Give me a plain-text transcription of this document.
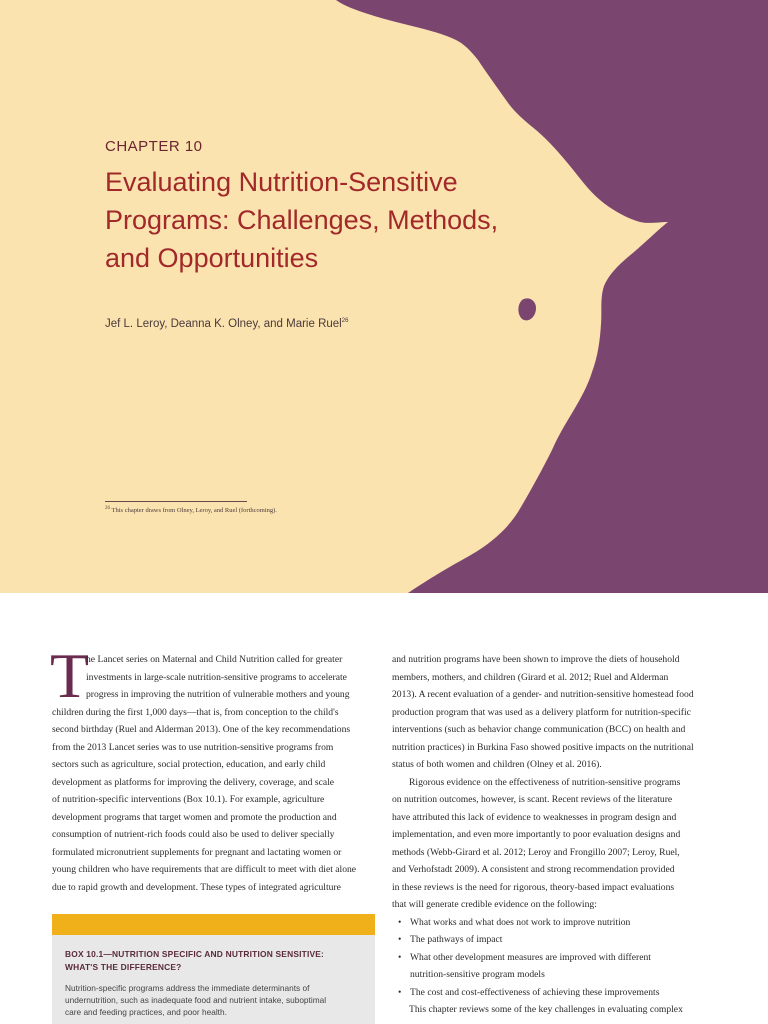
CHAPTER 10
Evaluating Nutrition-Sensitive
Programs: Challenges, Methods,
and Opportunities
Jef L. Leroy, Deanna K. Olney, and Marie Ruel$^{26}$
$^{26}$ This chapter draws from Olney, Leroy, and Ruel (forthcoming).
T
he Lancet series on Maternal and Child Nutrition called for greater
investments in large-scale nutrition-sensitive programs to accelerate
progress in improving the nutrition of vulnerable mothers and young
children during the first 1,000 days—that is, from conception to the child's
second birthday (Ruel and Alderman 2013). One of the key recommendations
from the 2013 Lancet series was to use nutrition-sensitive programs from
sectors such as agriculture, social protection, education, and early child
development as platforms for improving the delivery, coverage, and scale
of nutrition-specific interventions (Box 10.1). For example, agriculture
development programs that target women and promote the production and
consumption of nutrient-rich foods could also be used to deliver specially
formulated micronutrient supplements for pregnant and lactating women or
young children who have requirements that are difficult to meet with diet alone
due to rapid growth and development. These types of integrated agriculture
BOX 10.1—NUTRITION SPECIFIC AND NUTRITION SENSITIVE:
WHAT'S THE DIFFERENCE?
Nutrition-specific programs address the immediate determinants of
undernutrition, such as inadequate food and nutrient intake, suboptimal
care and feeding practices, and poor health.
and nutrition programs have been shown to improve the diets of household
members, mothers, and children (Girard et al. 2012; Ruel and Alderman
2013). A recent evaluation of a gender- and nutrition-sensitive homestead food
production program that was used as a delivery platform for nutrition-specific
interventions (such as behavior change communication (BCC) on health and
nutrition practices) in Burkina Faso showed positive impacts on the nutritional
status of both women and children (Olney et al. 2016).
Rigorous evidence on the effectiveness of nutrition-sensitive programs
on nutrition outcomes, however, is scant. Recent reviews of the literature
have attributed this lack of evidence to weaknesses in program design and
implementation, and even more importantly to poor evaluation designs and
methods (Webb-Girard et al. 2012; Leroy and Frongillo 2007; Leroy, Ruel,
and Verhofstadt 2009). A consistent and strong recommendation provided
in these reviews is the need for rigorous, theory-based impact evaluations
that will generate credible evidence on the following:
• What works and what does not work to improve nutrition
• The pathways of impact
• What other development measures are improved with different
nutrition-sensitive program models
• The cost and cost-effectiveness of achieving these improvements
This chapter reviews some of the key challenges in evaluating complex
